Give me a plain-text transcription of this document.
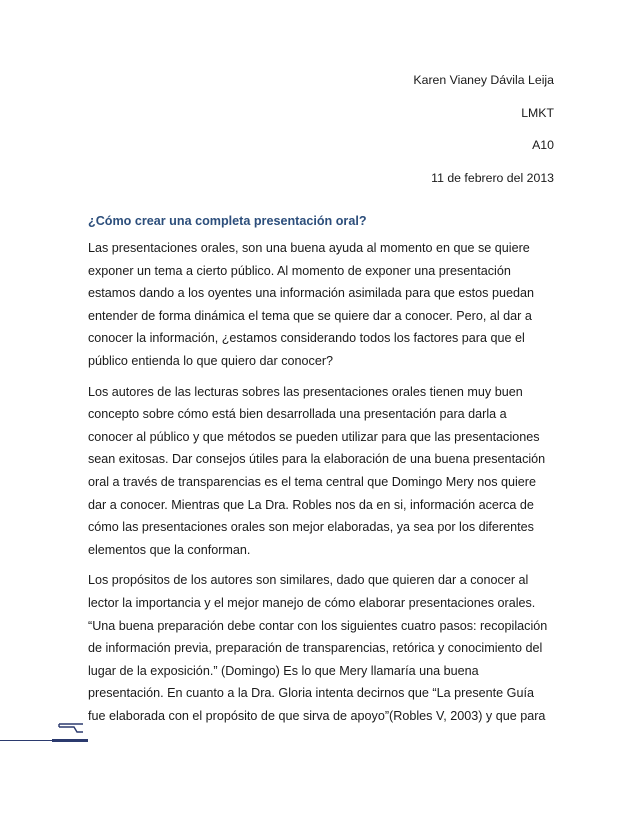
Karen Vianey Dávila Leija
LMKT
A10
11 de febrero del 2013
¿Cómo crear una completa presentación oral?

Las presentaciones orales, son una buena ayuda al momento en que se quiere exponer un tema a cierto público. Al momento de exponer una presentación estamos dando a los oyentes una información asimilada para que estos puedan entender de forma dinámica el tema que se quiere dar a conocer. Pero, al dar a conocer la información, ¿estamos considerando todos los factores para que el público entienda lo que quiero dar conocer?

Los autores de las lecturas sobres las presentaciones orales tienen muy buen concepto sobre cómo está bien desarrollada una presentación para darla a conocer al público y que métodos se pueden utilizar para que las presentaciones sean exitosas. Dar consejos útiles para la elaboración de una buena presentación oral a través de transparencias es el tema central que Domingo Mery nos quiere dar a conocer. Mientras que La Dra. Robles nos da en si, información acerca de cómo las presentaciones orales son mejor elaboradas, ya sea por los diferentes elementos que la conforman.

Los propósitos de los autores son similares, dado que quieren dar a conocer al lector la importancia y el mejor manejo de cómo elaborar presentaciones orales. “Una buena preparación debe contar con los siguientes cuatro pasos: recopilación de información previa, preparación de transparencias, retórica y conocimiento del lugar de la exposición.” (Domingo) Es lo que Mery llamaría una buena presentación. En cuanto a la Dra. Gloria intenta decirnos que “La presente Guía fue elaborada con el propósito de que sirva de apoyo”(Robles V, 2003) y que para
